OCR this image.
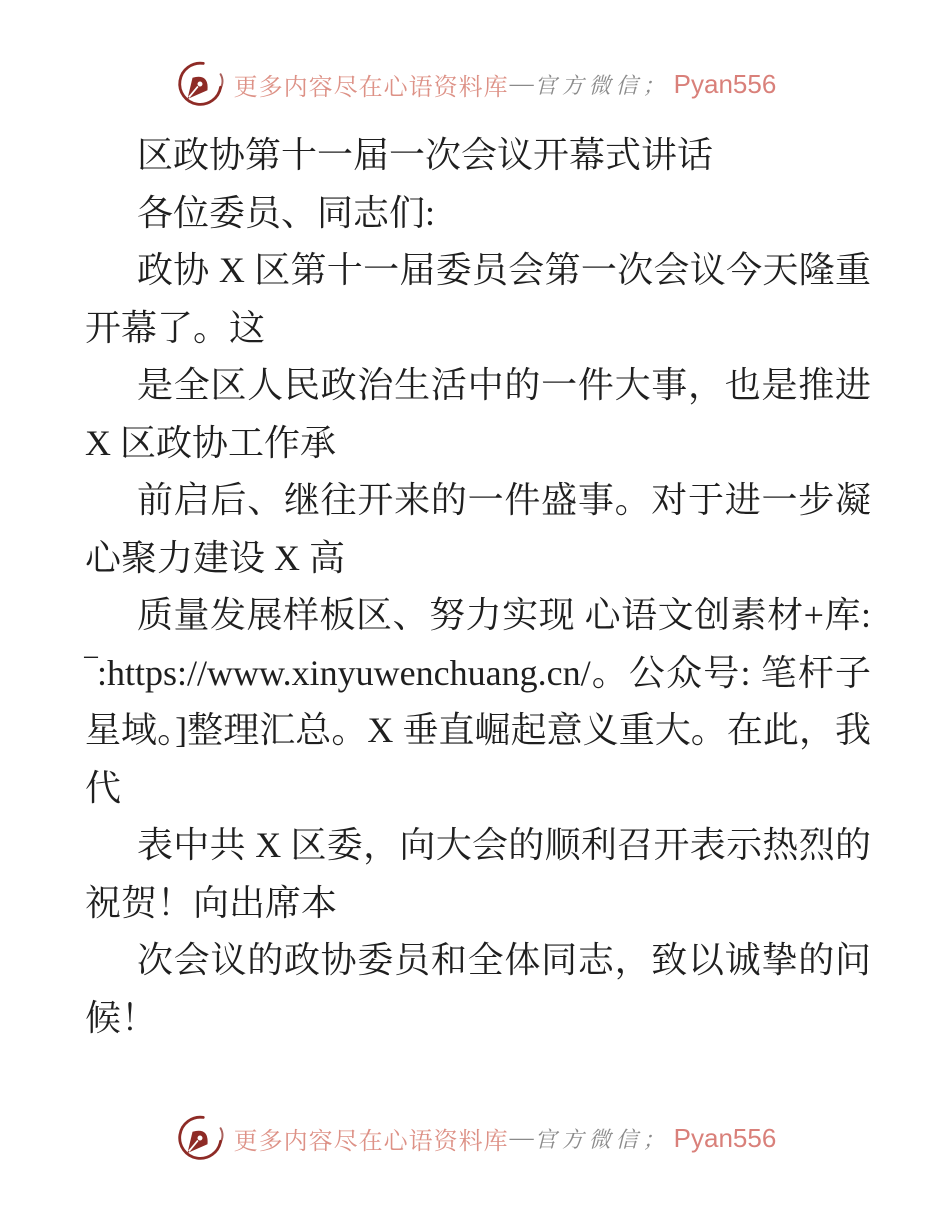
更多内容尽在心语资料库 — 官方微信； Pyan556

区政协第十一届一次会议开幕式讲话

各位委员、同志们:

政协 X 区第十一届委员会第一次会议今天隆重开幕了。这

是全区人民政治生活中的一件大事，也是推进 X 区政协工作承

前启后、继往开来的一件盛事。对于进一步凝心聚力建设 X 高

质量发展样板区、努力实现 心语文创素材+库: ‾:https://www.xinyuwenchuang.cn/。公众号: 笔杆子星域。]整理汇总。X 垂直崛起意义重大。在此，我代

表中共 X 区委，向大会的顺利召开表示热烈的祝贺！向出席本

次会议的政协委员和全体同志，致以诚挚的问候！

更多内容尽在心语资料库 — 官方微信； Pyan556
